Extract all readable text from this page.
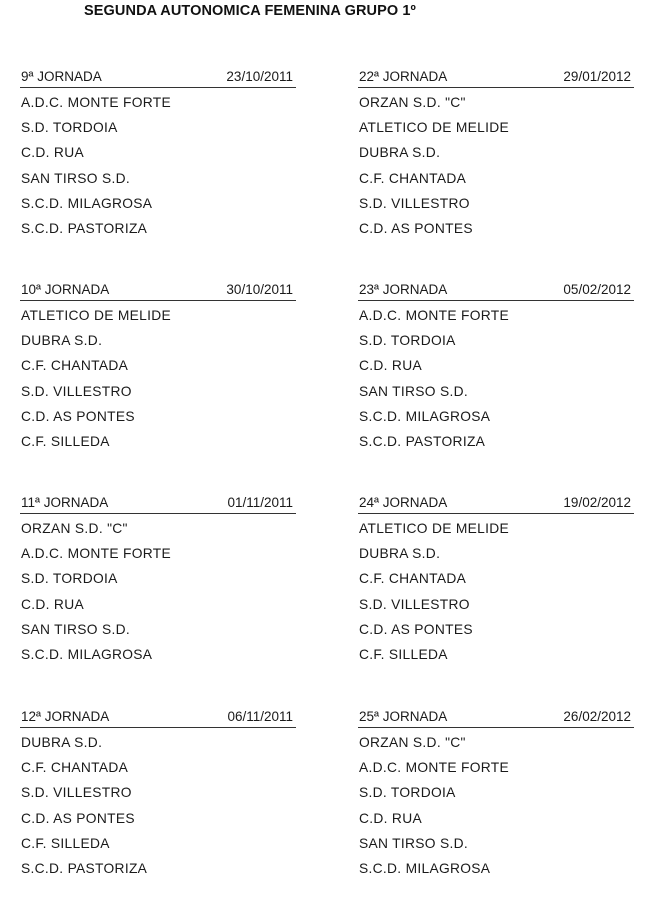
SEGUNDA AUTONOMICA FEMENINA GRUPO 1º
9ª JORNADA	23/10/2011
A.D.C. MONTE FORTE
S.D. TORDOIA
C.D. RUA
SAN TIRSO S.D.
S.C.D. MILAGROSA
S.C.D. PASTORIZA
22ª JORNADA	29/01/2012
ORZAN S.D. "C"
ATLETICO DE MELIDE
DUBRA S.D.
C.F. CHANTADA
S.D. VILLESTRO
C.D. AS PONTES
10ª JORNADA	30/10/2011
ATLETICO DE MELIDE
DUBRA S.D.
C.F. CHANTADA
S.D. VILLESTRO
C.D. AS PONTES
C.F. SILLEDA
23ª JORNADA	05/02/2012
A.D.C. MONTE FORTE
S.D. TORDOIA
C.D. RUA
SAN TIRSO S.D.
S.C.D. MILAGROSA
S.C.D. PASTORIZA
11ª JORNADA	01/11/2011
ORZAN S.D. "C"
A.D.C. MONTE FORTE
S.D. TORDOIA
C.D. RUA
SAN TIRSO S.D.
S.C.D. MILAGROSA
24ª JORNADA	19/02/2012
ATLETICO DE MELIDE
DUBRA S.D.
C.F. CHANTADA
S.D. VILLESTRO
C.D. AS PONTES
C.F. SILLEDA
12ª JORNADA	06/11/2011
DUBRA S.D.
C.F. CHANTADA
S.D. VILLESTRO
C.D. AS PONTES
C.F. SILLEDA
S.C.D. PASTORIZA
25ª JORNADA	26/02/2012
ORZAN S.D. "C"
A.D.C. MONTE FORTE
S.D. TORDOIA
C.D. RUA
SAN TIRSO S.D.
S.C.D. MILAGROSA
